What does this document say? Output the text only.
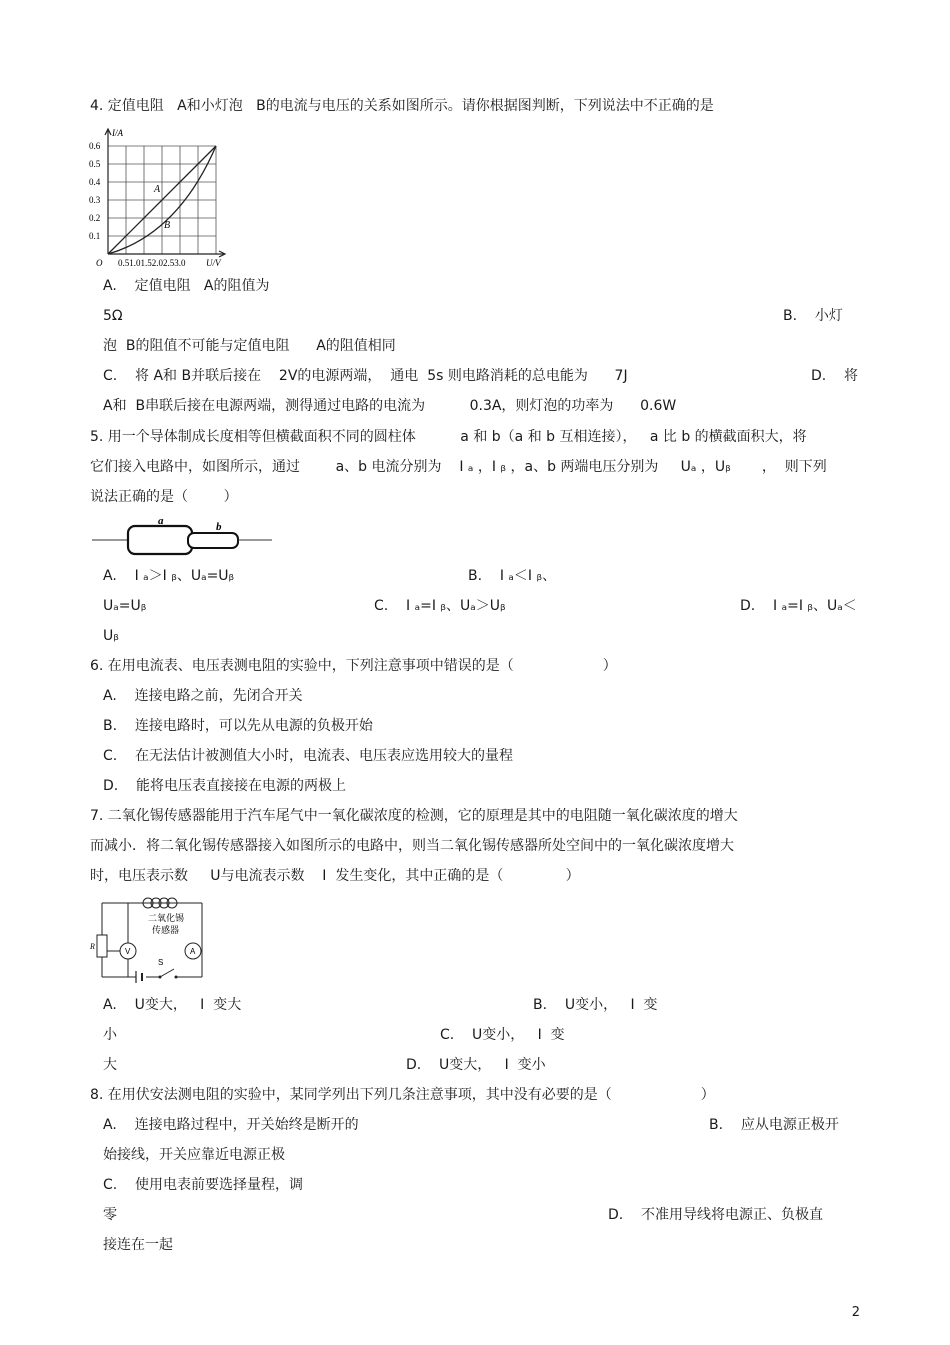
4. 定值电阻   A和小灯泡   B的电流与电压的关系如图所示。请你根据图判断，下列说法中不正确的是
A
B
I/A
0.6
0.5
0.4
0.3
0.2
0.1
O 0.51.01.52.02.53.0 U/V
A.    定值电阻   A的阻值为
5Ω	B.    小灯
泡  B的阻值不可能与定值电阻      A的阻值相同
C.    将 A和 B并联后接在    2V的电源两端，  通电  5s 则电路消耗的总电能为      7J	D.    将
A和  B串联后接在电源两端，测得通过电路的电流为          0.3A，则灯泡的功率为      0.6W
5. 用一个导体制成长度相等但横截面积不同的圆柱体          a 和 b（a 和 b 互相连接），   a 比 b 的横截面积大，将
它们接入电路中，如图所示，通过        a、b 电流分别为    I ₐ ，I ᵦ ，a、b 两端电压分别为     Uₐ ，Uᵦ       ，  则下列
说法正确的是（        ）
a	b
A.    I ₐ＞I ᵦ、Uₐ=Uᵦ	B.    I ₐ＜I ᵦ、
Uₐ=Uᵦ	C.    I ₐ=I ᵦ、Uₐ＞Uᵦ	D.    I ₐ=I ᵦ、Uₐ＜
Uᵦ
6. 在用电流表、电压表测电阻的实验中，下列注意事项中错误的是（                    ）
A.    连接电路之前，先闭合开关
B.    连接电路时，可以先从电源的负极开始
C.    在无法估计被测值大小时，电流表、电压表应选用较大的量程
D.    能将电压表直接接在电源的两极上
7. 二氧化锡传感器能用于汽车尾气中一氧化碳浓度的检测，它的原理是其中的电阻随一氧化碳浓度的增大
而减小．将二氧化锡传感器接入如图所示的电路中，则当二氧化锡传感器所处空间中的一氧化碳浓度增大
时，电压表示数     U与电流表示数    I  发生变化，其中正确的是（              ）
二氧化锡
传感器
R
V	A
S
A.    U变大，   I  变大	B.    U变小，   I  变
小	C.    U变小，   I  变
大	D.    U变大，   I  变小
8. 在用伏安法测电阻的实验中，某同学列出下列几条注意事项，其中没有必要的是（                    ）
A.    连接电路过程中，开关始终是断开的	B.    应从电源正极开
始接线，开关应靠近电源正极
C.    使用电表前要选择量程，调
零	D.    不准用导线将电源正、负极直
接连在一起
2
